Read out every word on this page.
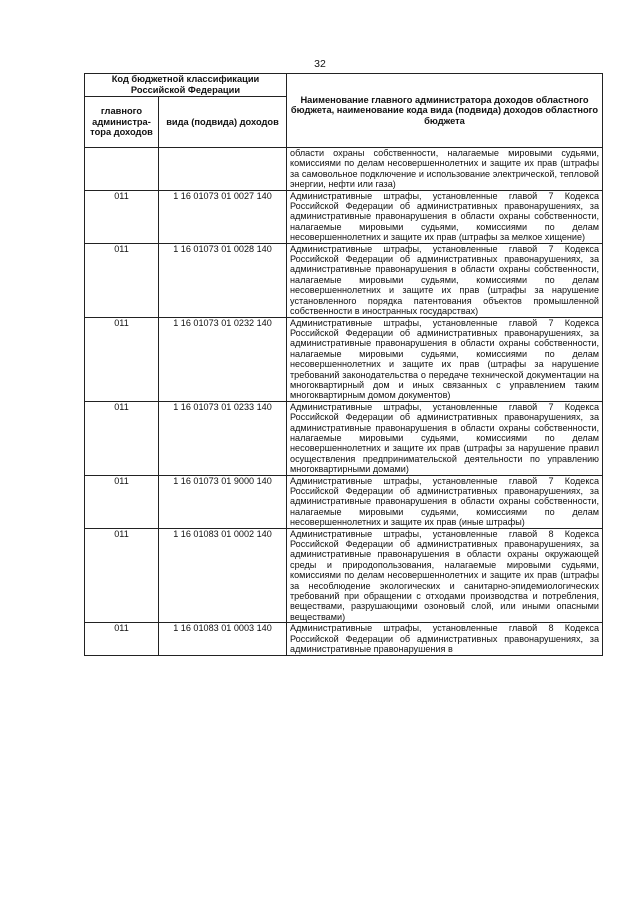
32
Код бюджетной классификации Российской Федерации		Наименование главного администратора доходов областного бюджета, наименование кода вида (подвида) доходов областного бюджета
главного администра-тора доходов	вида (подвида) доходов	
		области охраны собственности, налагаемые мировыми судьями, комиссиями по делам несовершеннолетних и защите их прав (штрафы за самовольное подключение и использование электрической, тепловой энергии, нефти или газа)
011	1 16 01073 01 0027 140	Административные штрафы, установленные главой 7 Кодекса Российской Федерации об административных правонарушениях, за административные правонарушения в области охраны собственности, налагаемые мировыми судьями, комиссиями по делам несовершеннолетних и защите их прав (штрафы за мелкое хищение)
011	1 16 01073 01 0028 140	Административные штрафы, установленные главой 7 Кодекса Российской Федерации об административных правонарушениях, за административные правонарушения в области охраны собственности, налагаемые мировыми судьями, комиссиями по делам несовершеннолетних и защите их прав (штрафы за нарушение установленного порядка патентования объектов промышленной собственности в иностранных государствах)
011	1 16 01073 01 0232 140	Административные штрафы, установленные главой 7 Кодекса Российской Федерации об административных правонарушениях, за административные правонарушения в области охраны собственности, налагаемые мировыми судьями, комиссиями по делам несовершеннолетних и защите их прав (штрафы за нарушение требований законодательства о передаче технической документации на многоквартирный дом и иных связанных с управлением таким многоквартирным домом документов)
011	1 16 01073 01 0233 140	Административные штрафы, установленные главой 7 Кодекса Российской Федерации об административных правонарушениях, за административные правонарушения в области охраны собственности, налагаемые мировыми судьями, комиссиями по делам несовершеннолетних и защите их прав (штрафы за нарушение правил осуществления предпринимательской деятельности по управлению многоквартирными домами)
011	1 16 01073 01 9000 140	Административные штрафы, установленные главой 7 Кодекса Российской Федерации об административных правонарушениях, за административные правонарушения в области охраны собственности, налагаемые мировыми судьями, комиссиями по делам несовершеннолетних и защите их прав (иные штрафы)
011	1 16 01083 01 0002 140	Административные штрафы, установленные главой 8 Кодекса Российской Федерации об административных правонарушениях, за административные правонарушения в области охраны окружающей среды и природопользования, налагаемые мировыми судьями, комиссиями по делам несовершеннолетних и защите их прав (штрафы за несоблюдение экологических и санитарно-эпидемиологических требований при обращении с отходами производства и потребления, веществами, разрушающими озоновый слой, или иными опасными веществами)
011	1 16 01083 01 0003 140	Административные штрафы, установленные главой 8 Кодекса Российской Федерации об административных правонарушениях, за административные правонарушения в
